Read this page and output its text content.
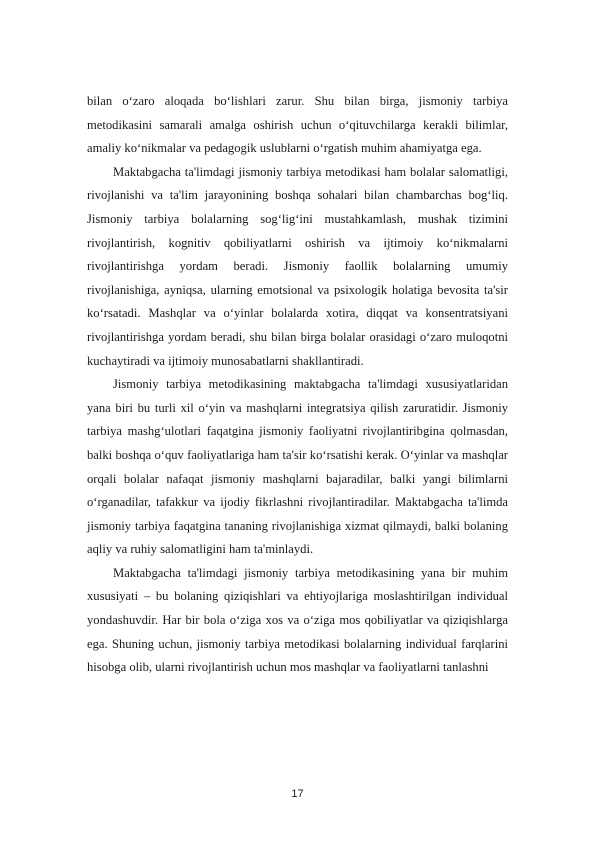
bilan o‘zaro aloqada bo‘lishlari zarur. Shu bilan birga, jismoniy tarbiya metodikasini samarali amalga oshirish uchun o‘qituvchilarga kerakli bilimlar, amaliy ko‘nikmalar va pedagogik uslublarni o‘rgatish muhim ahamiyatga ega.

Maktabgacha ta'limdagi jismoniy tarbiya metodikasi ham bolalar salomatligi, rivojlanishi va ta'lim jarayonining boshqa sohalari bilan chambarchas bog‘liq. Jismoniy tarbiya bolalarning sog‘lig‘ini mustahkamlash, mushak tizimini rivojlantirish, kognitiv qobiliyatlarni oshirish va ijtimoiy ko‘nikmalarni rivojlantirishga yordam beradi. Jismoniy faollik bolalarning umumiy rivojlanishiga, ayniqsa, ularning emotsional va psixologik holatiga bevosita ta'sir ko‘rsatadi. Mashqlar va o‘yinlar bolalarda xotira, diqqat va konsentratsiyani rivojlantirishga yordam beradi, shu bilan birga bolalar orasidagi o‘zaro muloqotni kuchaytiradi va ijtimoiy munosabatlarni shakllantiradi.

Jismoniy tarbiya metodikasining maktabgacha ta'limdagi xususiyatlaridan yana biri bu turli xil o‘yin va mashqlarni integratsiya qilish zaruratidir. Jismoniy tarbiya mashg‘ulotlari faqatgina jismoniy faoliyatni rivojlantiribgina qolmasdan, balki boshqa o‘quv faoliyatlariga ham ta'sir ko‘rsatishi kerak. O‘yinlar va mashqlar orqali bolalar nafaqat jismoniy mashqlarni bajaradilar, balki yangi bilimlarni o‘rganadilar, tafakkur va ijodiy fikrlashni rivojlantiradilar. Maktabgacha ta'limda jismoniy tarbiya faqatgina tananing rivojlanishiga xizmat qilmaydi, balki bolaning aqliy va ruhiy salomatligini ham ta'minlaydi.

Maktabgacha ta'limdagi jismoniy tarbiya metodikasining yana bir muhim xususiyati – bu bolaning qiziqishlari va ehtiyojlariga moslashtirilgan individual yondashuvdir. Har bir bola o‘ziga xos va o‘ziga mos qobiliyatlar va qiziqishlarga ega. Shuning uchun, jismoniy tarbiya metodikasi bolalarning individual farqlarini hisobga olib, ularni rivojlantirish uchun mos mashqlar va faoliyatlarni tanlashni

17
